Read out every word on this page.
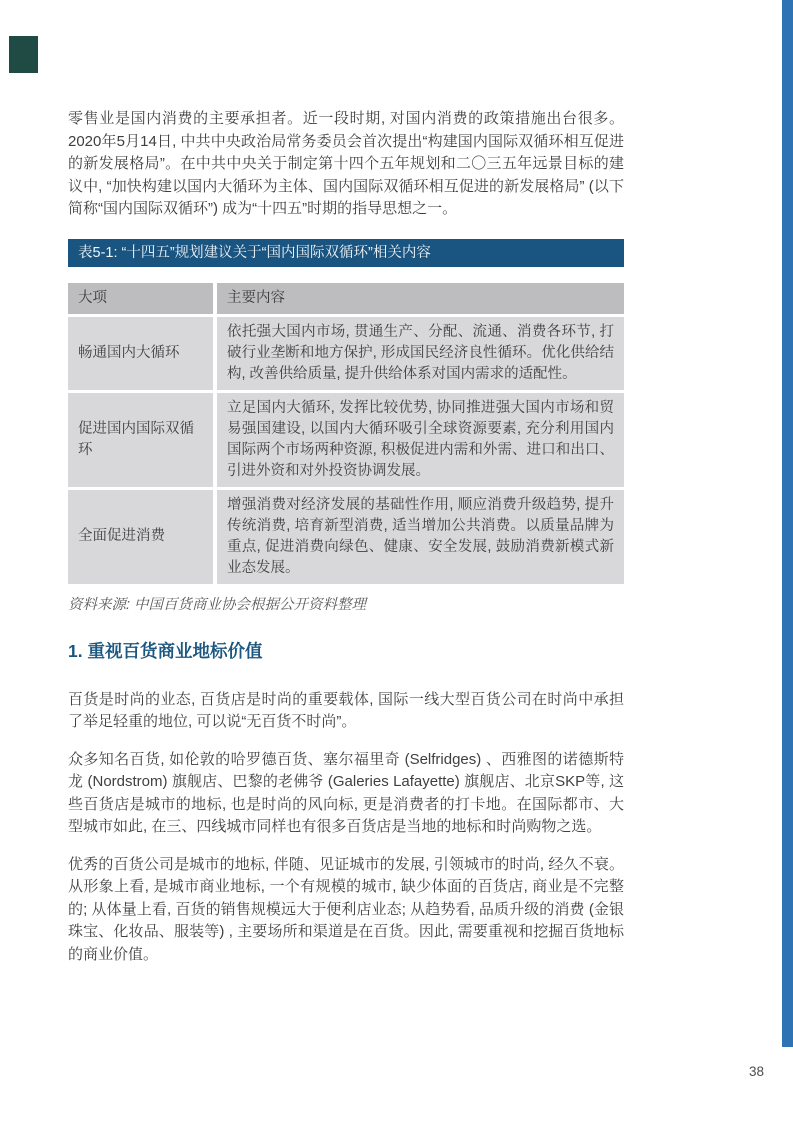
零售业是国内消费的主要承担者。近一段时期, 对国内消费的政策措施出台很多。2020年5月14日, 中共中央政治局常务委员会首次提出“构建国内国际双循环相互促进的新发展格局”。在中共中央关于制定第十四个五年规划和二〇三五年远景目标的建议中, “加快构建以国内大循环为主体、国内国际双循环相互促进的新发展格局” (以下简称“国内国际双循环”) 成为“十四五”时期的指导思想之一。

表5-1: “十四五”规划建议关于“国内国际双循环”相关内容
大项	主要内容
畅通国内大循环
依托强大国内市场, 贯通生产、分配、流通、消费各环节, 打破行业垄断和地方保护, 形成国民经济良性循环。优化供给结构, 改善供给质量, 提升供给体系对国内需求的适配性。
促进国内国际双循环
立足国内大循环, 发挥比较优势, 协同推进强大国内市场和贸易强国建设, 以国内大循环吸引全球资源要素, 充分利用国内国际两个市场两种资源, 积极促进内需和外需、进口和出口、引进外资和对外投资协调发展。
全面促进消费
增强消费对经济发展的基础性作用, 顺应消费升级趋势, 提升传统消费, 培育新型消费, 适当增加公共消费。以质量品牌为重点, 促进消费向绿色、健康、安全发展, 鼓励消费新模式新业态发展。

资料来源: 中国百货商业协会根据公开资料整理

1. 重视百货商业地标价值

百货是时尚的业态, 百货店是时尚的重要载体, 国际一线大型百货公司在时尚中承担了举足轻重的地位, 可以说“无百货不时尚”。

众多知名百货, 如伦敦的哈罗德百货、塞尔福里奇 (Selfridges) 、西雅图的诺德斯特龙 (Nordstrom) 旗舰店、巴黎的老佛爷 (Galeries Lafayette) 旗舰店、北京SKP等, 这些百货店是城市的地标, 也是时尚的风向标, 更是消费者的打卡地。在国际都市、大型城市如此, 在三、四线城市同样也有很多百货店是当地的地标和时尚购物之选。

优秀的百货公司是城市的地标, 伴随、见证城市的发展, 引领城市的时尚, 经久不衰。从形象上看, 是城市商业地标, 一个有规模的城市, 缺少体面的百货店, 商业是不完整的; 从体量上看, 百货的销售规模远大于便利店业态; 从趋势看, 品质升级的消费 (金银珠宝、化妆品、服装等) , 主要场所和渠道是在百货。因此, 需要重视和挖掘百货地标的商业价值。

38
